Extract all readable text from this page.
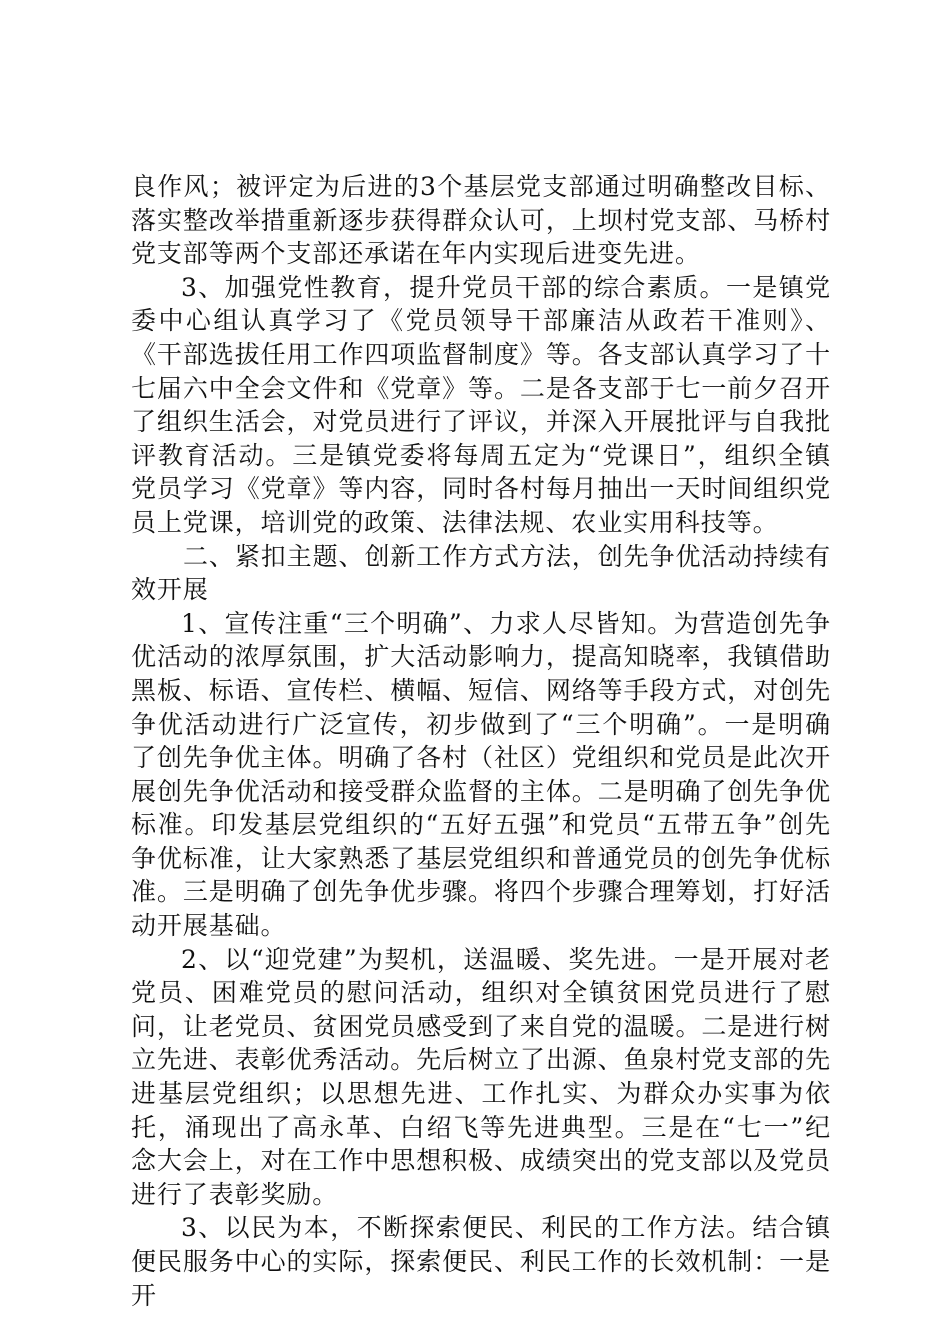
良作风；被评定为后进的3个基层党支部通过明确整改目标、落实整改举措重新逐步获得群众认可，上坝村党支部、马桥村党支部等两个支部还承诺在年内实现后进变先进。

3、加强党性教育，提升党员干部的综合素质。一是镇党委中心组认真学习了《党员领导干部廉洁从政若干准则》、《干部选拔任用工作四项监督制度》等。各支部认真学习了十七届六中全会文件和《党章》等。二是各支部于七一前夕召开了组织生活会，对党员进行了评议，并深入开展批评与自我批评教育活动。三是镇党委将每周五定为“党课日”，组织全镇党员学习《党章》等内容，同时各村每月抽出一天时间组织党员上党课，培训党的政策、法律法规、农业实用科技等。

二、紧扣主题、创新工作方式方法，创先争优活动持续有效开展

1、宣传注重“三个明确”、力求人尽皆知。为营造创先争优活动的浓厚氛围，扩大活动影响力，提高知晓率，我镇借助黑板、标语、宣传栏、横幅、短信、网络等手段方式，对创先争优活动进行广泛宣传，初步做到了“三个明确”。一是明确了创先争优主体。明确了各村（社区）党组织和党员是此次开展创先争优活动和接受群众监督的主体。二是明确了创先争优标准。印发基层党组织的“五好五强”和党员“五带五争”创先争优标准，让大家熟悉了基层党组织和普通党员的创先争优标准。三是明确了创先争优步骤。将四个步骤合理筹划，打好活动开展基础。

2、以“迎党建”为契机，送温暖、奖先进。一是开展对老党员、困难党员的慰问活动，组织对全镇贫困党员进行了慰问，让老党员、贫困党员感受到了来自党的温暖。二是进行树立先进、表彰优秀活动。先后树立了出源、鱼泉村党支部的先进基层党组织；以思想先进、工作扎实、为群众办实事为依托，涌现出了高永革、白绍飞等先进典型。三是在“七一”纪念大会上，对在工作中思想积极、成绩突出的党支部以及党员进行了表彰奖励。

3、以民为本，不断探索便民、利民的工作方法。结合镇便民服务中心的实际，探索便民、利民工作的长效机制：一是开
